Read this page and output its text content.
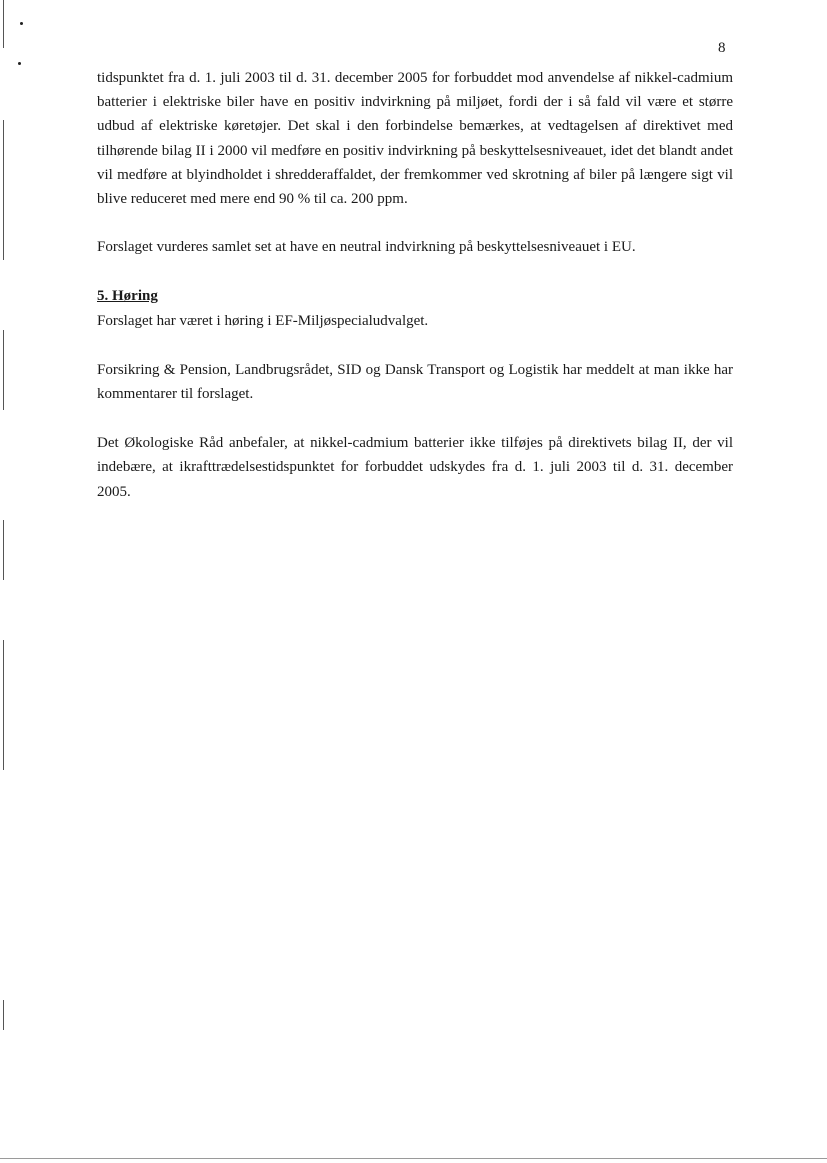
8

tidspunktet fra d. 1. juli 2003 til d. 31. december 2005 for forbuddet mod anvendelse af nikkel-cadmium batterier i elektriske biler have en positiv indvirkning på miljøet, fordi der i så fald vil være et større udbud af elektriske køretøjer. Det skal i den forbindelse bemærkes, at vedtagelsen af direktivet med tilhørende bilag II i 2000 vil medføre en positiv indvirkning på beskyttelsesniveauet, idet det blandt andet vil medføre at blyindholdet i shredderaffaldet, der fremkommer ved skrotning af biler på længere sigt vil blive reduceret med mere end 90 % til ca. 200 ppm.

Forslaget vurderes samlet set at have en neutral indvirkning på beskyttelsesniveauet i EU.

5. Høring

Forslaget har været i høring i EF-Miljøspecialudvalget.

Forsikring & Pension, Landbrugsrådet, SID og Dansk Transport og Logistik har meddelt at man ikke har kommentarer til forslaget.

Det Økologiske Råd anbefaler, at nikkel-cadmium batterier ikke tilføjes på direktivets bilag II, der vil indebære, at ikrafttrædelsestidspunktet for forbuddet udskydes fra d. 1. juli 2003 til d. 31. december 2005.
